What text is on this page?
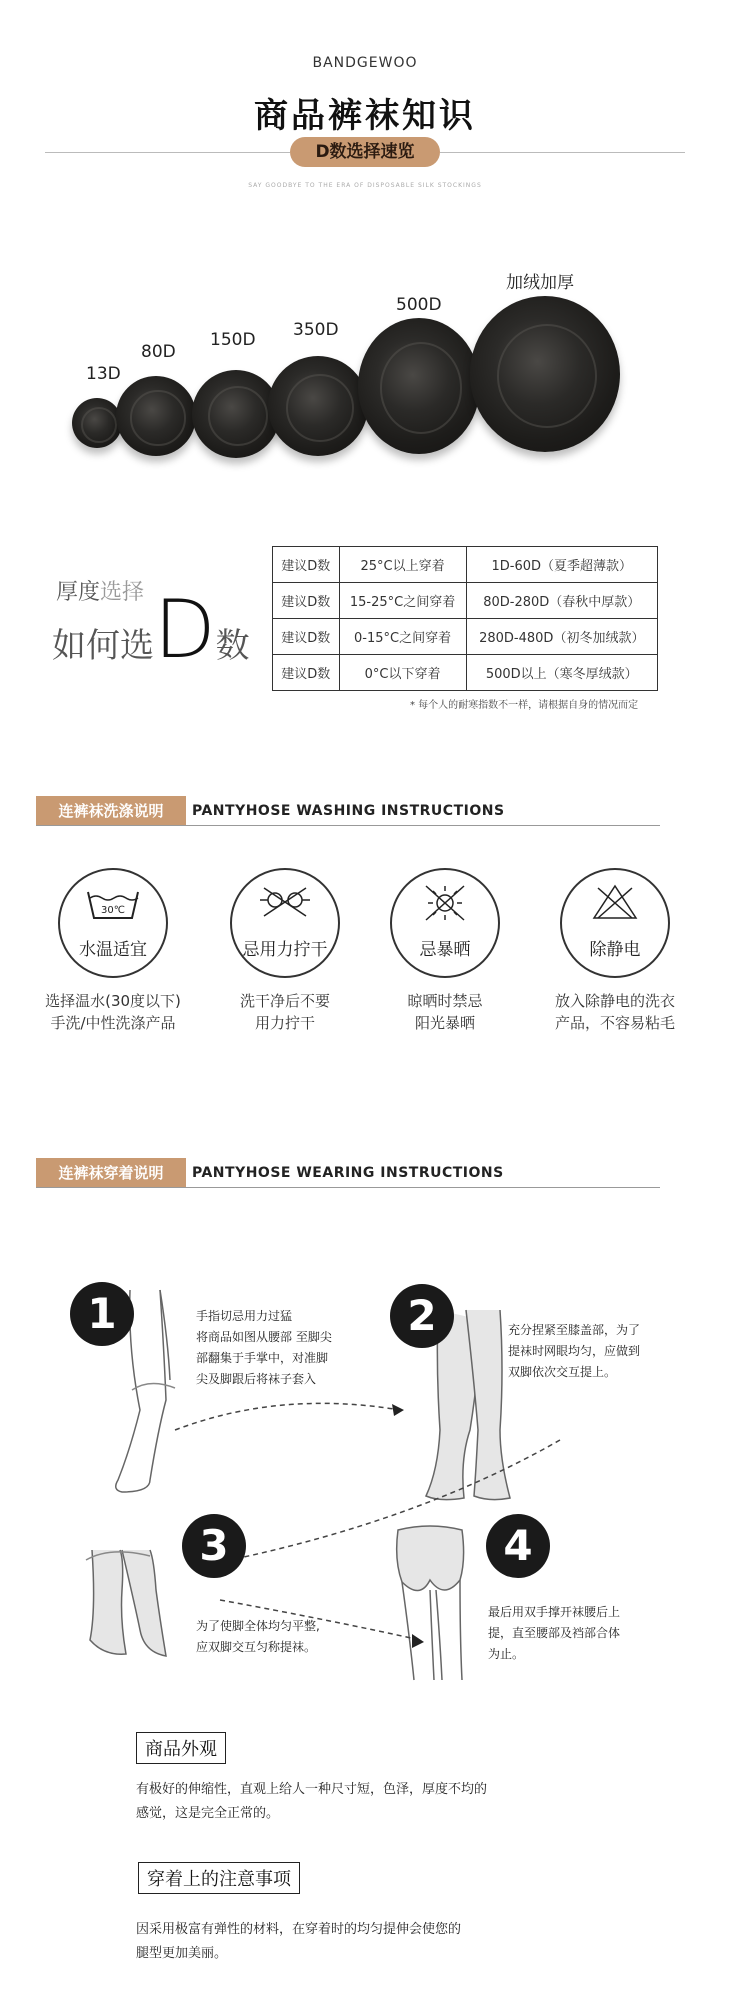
BANDGEWOO
商品裤袜知识
D数选择速览
SAY GOODBYE TO THE ERA OF DISPOSABLE SILK STOCKINGS
13D
80D
150D 350D
500D
加绒加厚
厚度选择
如何选D数
建议D数	25°C以上穿着	1D-60D（夏季超薄款）
建议D数	15-25°C之间穿着	80D-280D（春秋中厚款）
建议D数	0-15°C之间穿着	280D-480D（初冬加绒款）
建议D数	0°C以下穿着	500D以上（寒冬厚绒款）
* 每个人的耐寒指数不一样，请根据自身的情况而定
连裤袜洗涤说明	PANTYHOSE WASHING INSTRUCTIONS
30℃
水温适宜
选择温水(30度以下)
手洗/中性洗涤产品
忌用力拧干
洗干净后不要
用力拧干
忌暴晒
晾晒时禁忌
阳光暴晒
除静电
放入除静电的洗衣
产品，不容易粘毛
连裤袜穿着说明	PANTYHOSE WEARING INSTRUCTIONS
1	手指切忌用力过猛
将商品如图从腰部 至脚尖
部翻集于手掌中，对准脚
尖及脚跟后将袜子套入
2	充分捏紧至膝盖部，为了
提袜时网眼均匀，应做到
双脚依次交互提上。
3
为了使脚全体均匀平整,
应双脚交互匀称提袜。
4
最后用双手撑开袜腰后上
提，直至腰部及裆部合体
为止。
商品外观
有极好的伸缩性，直观上给人一种尺寸短，色泽，厚度不均的
感觉，这是完全正常的。
穿着上的注意事项
因采用极富有弹性的材料，在穿着时的均匀提伸会使您的
腿型更加美丽。
